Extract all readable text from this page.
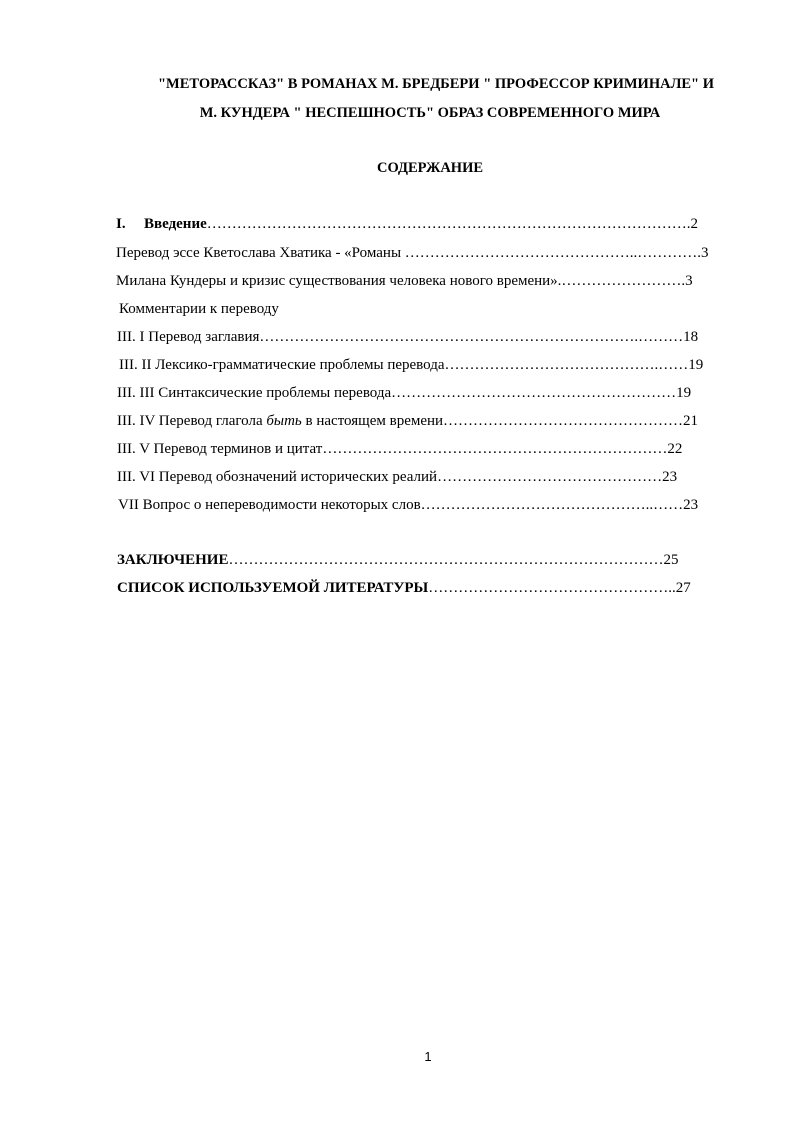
"МЕТОРАССКАЗ" В РОМАНАХ М. БРЕДБЕРИ " ПРОФЕССОР КРИМИНАЛЕ" И
М. КУНДЕРА " НЕСПЕШНОСТЬ" ОБРАЗ СОВРЕМЕННОГО МИРА
СОДЕРЖАНИЕ
I. Введение…………………………………………………………………………………….2
Перевод эссе Кветослава Хватика - «Романы ………………………………………..………….3
Милана Кундеры и кризис существования человека нового времени».…………………….3
Комментарии к переводу
III. I Перевод заглавия………………………………………………………………….………18
III. II Лексико-грамматические проблемы перевода…………………………………….……19
III. III Синтаксические проблемы перевода…………………………………………………19
III. IV Перевод глагола быть в настоящем времени…………………………………………21
III. V Перевод терминов и цитат……………………………………………………………22
III. VI Перевод обозначений исторических реалий………………………………………23
VII Вопрос о непереводимости некоторых слов………………………………………..……23
ЗАКЛЮЧЕНИЕ……………………………………………………………………………25
СПИСОК ИСПОЛЬЗУЕМОЙ ЛИТЕРАТУРЫ…………………………………………..27
1
